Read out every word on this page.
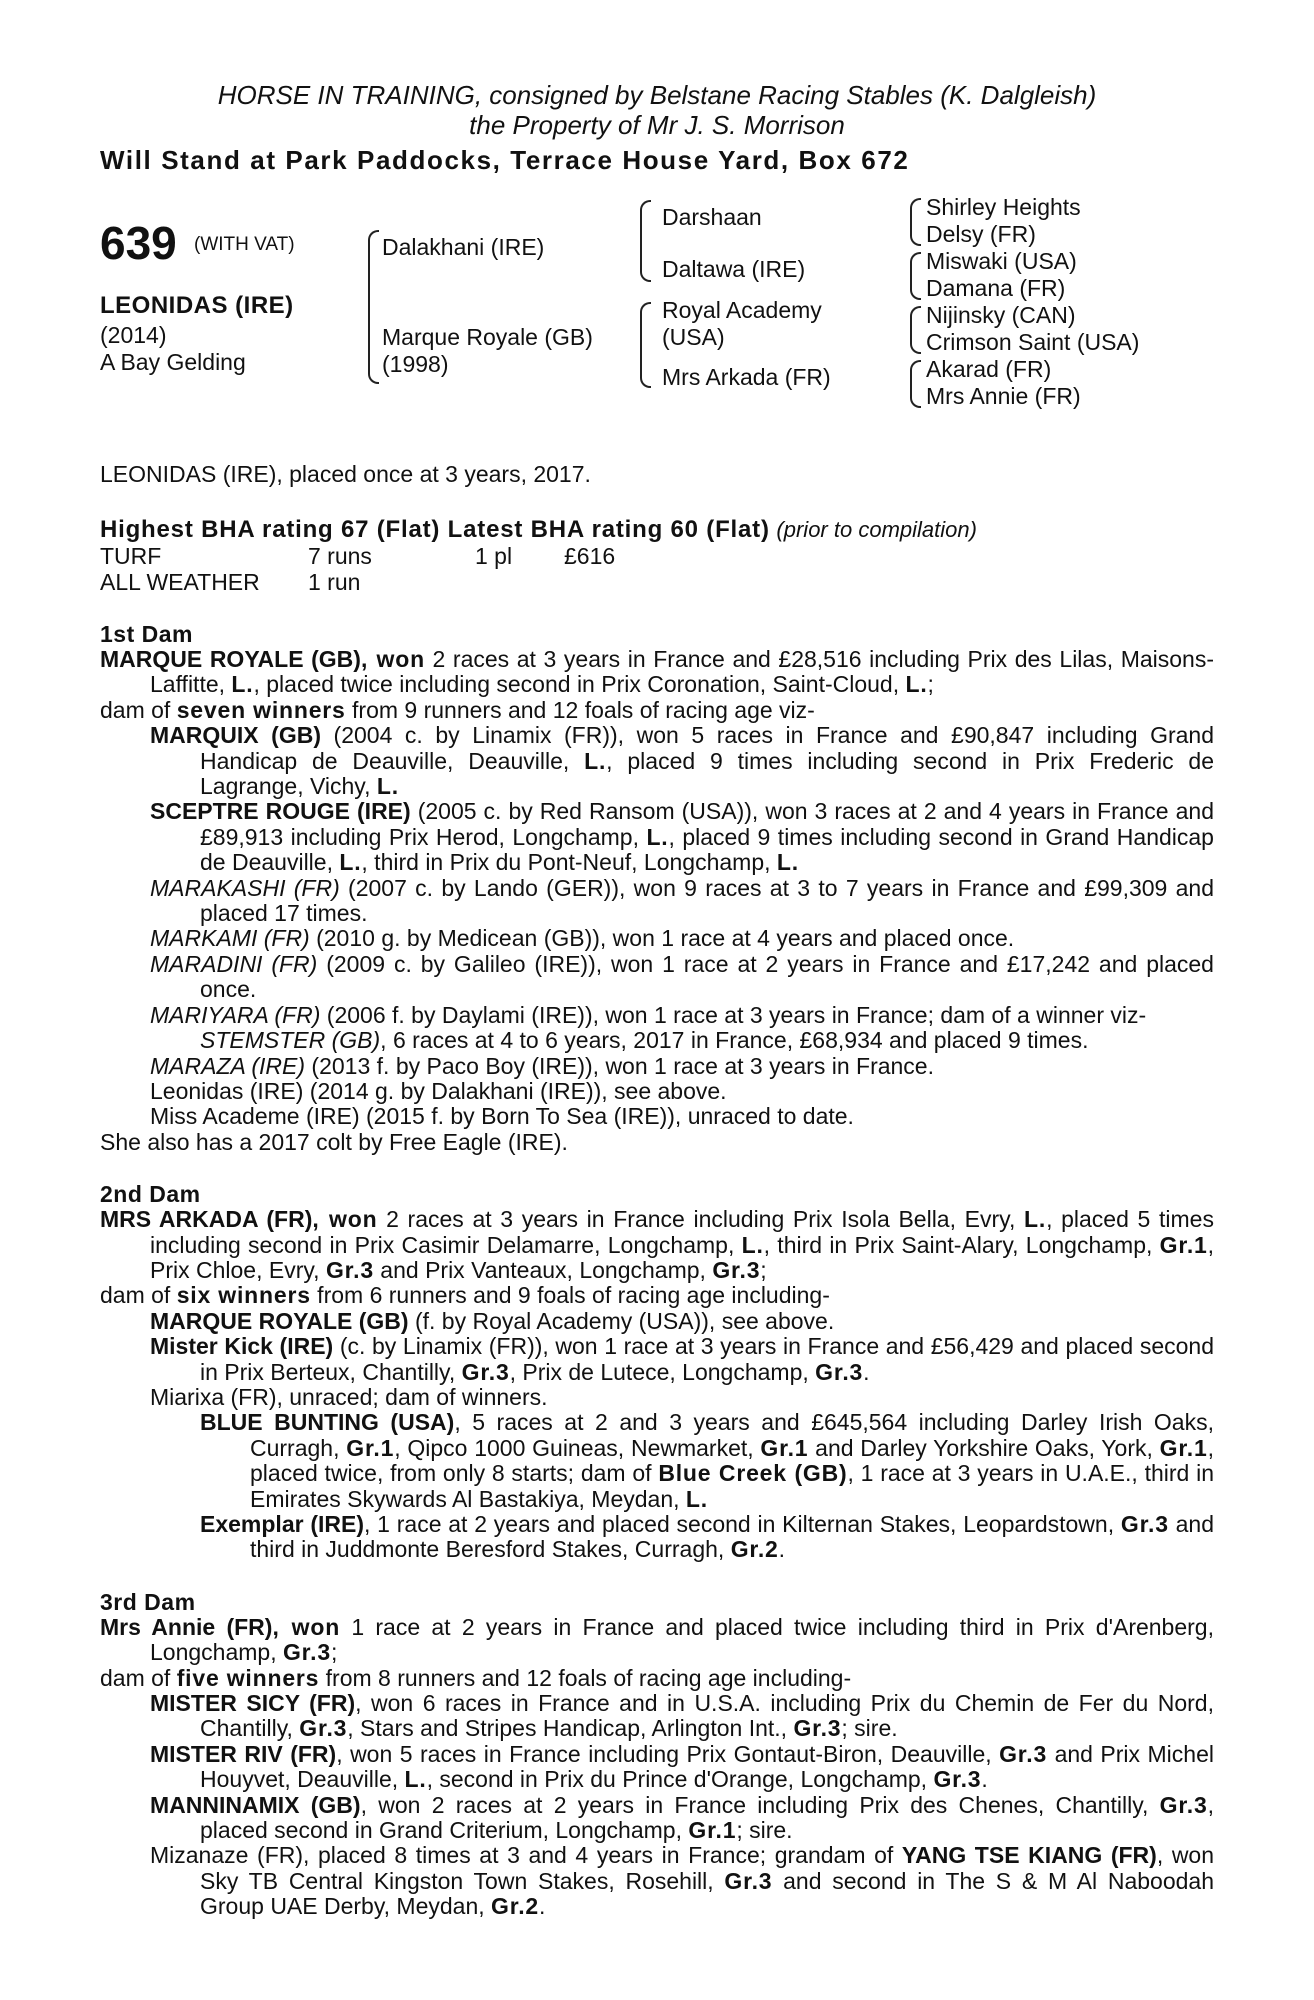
HORSE IN TRAINING, consigned by Belstane Racing Stables (K. Dalgleish)

the Property of Mr J. S. Morrison

Will Stand at Park Paddocks, Terrace House Yard, Box 672

639 (WITH VAT)
LEONIDAS (IRE)
(2014)
A Bay Gelding
Dalakhani (IRE)
Marque Royale (GB)
(1998)
Darshaan
Daltawa (IRE)
Royal Academy
(USA)
Mrs Arkada (FR)
Shirley Heights
Delsy (FR)
Miswaki (USA)
Damana (FR)
Nijinsky (CAN)
Crimson Saint (USA)
Akarad (FR)
Mrs Annie (FR)

LEONIDAS (IRE), placed once at 3 years, 2017.

Highest BHA rating 67 (Flat) Latest BHA rating 60 (Flat) (prior to compilation)
TURF	7 runs	1 pl £616
ALL WEATHER 1 run
1st Dam

MARQUE ROYALE (GB), won 2 races at 3 years in France and £28,516 including Prix des Lilas, Maisons-Laffitte, L., placed twice including second in Prix Coronation, Saint-Cloud, L.;

dam of seven winners from 9 runners and 12 foals of racing age viz-

MARQUIX (GB) (2004 c. by Linamix (FR)), won 5 races in France and £90,847 including Grand Handicap de Deauville, Deauville, L., placed 9 times including second in Prix Frederic de Lagrange, Vichy, L.

SCEPTRE ROUGE (IRE) (2005 c. by Red Ransom (USA)), won 3 races at 2 and 4 years in France and £89,913 including Prix Herod, Longchamp, L., placed 9 times including second in Grand Handicap de Deauville, L., third in Prix du Pont-Neuf, Longchamp, L.

MARAKASHI (FR) (2007 c. by Lando (GER)), won 9 races at 3 to 7 years in France and £99,309 and placed 17 times.

MARKAMI (FR) (2010 g. by Medicean (GB)), won 1 race at 4 years and placed once.

MARADINI (FR) (2009 c. by Galileo (IRE)), won 1 race at 2 years in France and £17,242 and placed once.

MARIYARA (FR) (2006 f. by Daylami (IRE)), won 1 race at 3 years in France; dam of a winner viz-

STEMSTER (GB), 6 races at 4 to 6 years, 2017 in France, £68,934 and placed 9 times.

MARAZA (IRE) (2013 f. by Paco Boy (IRE)), won 1 race at 3 years in France.

Leonidas (IRE) (2014 g. by Dalakhani (IRE)), see above.

Miss Academe (IRE) (2015 f. by Born To Sea (IRE)), unraced to date.

She also has a 2017 colt by Free Eagle (IRE).

2nd Dam

MRS ARKADA (FR), won 2 races at 3 years in France including Prix Isola Bella, Evry, L., placed 5 times including second in Prix Casimir Delamarre, Longchamp, L., third in Prix Saint-Alary, Longchamp, Gr.1, Prix Chloe, Evry, Gr.3 and Prix Vanteaux, Longchamp, Gr.3;

dam of six winners from 6 runners and 9 foals of racing age including-

MARQUE ROYALE (GB) (f. by Royal Academy (USA)), see above.

Mister Kick (IRE) (c. by Linamix (FR)), won 1 race at 3 years in France and £56,429 and placed second in Prix Berteux, Chantilly, Gr.3, Prix de Lutece, Longchamp, Gr.3.

Miarixa (FR), unraced; dam of winners.

BLUE BUNTING (USA), 5 races at 2 and 3 years and £645,564 including Darley Irish Oaks, Curragh, Gr.1, Qipco 1000 Guineas, Newmarket, Gr.1 and Darley Yorkshire Oaks, York, Gr.1, placed twice, from only 8 starts; dam of Blue Creek (GB), 1 race at 3 years in U.A.E., third in Emirates Skywards Al Bastakiya, Meydan, L.

Exemplar (IRE), 1 race at 2 years and placed second in Kilternan Stakes, Leopardstown, Gr.3 and third in Juddmonte Beresford Stakes, Curragh, Gr.2.

3rd Dam

Mrs Annie (FR), won 1 race at 2 years in France and placed twice including third in Prix d'Arenberg, Longchamp, Gr.3;

dam of five winners from 8 runners and 12 foals of racing age including-

MISTER SICY (FR), won 6 races in France and in U.S.A. including Prix du Chemin de Fer du Nord, Chantilly, Gr.3, Stars and Stripes Handicap, Arlington Int., Gr.3; sire.

MISTER RIV (FR), won 5 races in France including Prix Gontaut-Biron, Deauville, Gr.3 and Prix Michel Houyvet, Deauville, L., second in Prix du Prince d'Orange, Longchamp, Gr.3.

MANNINAMIX (GB), won 2 races at 2 years in France including Prix des Chenes, Chantilly, Gr.3, placed second in Grand Criterium, Longchamp, Gr.1; sire.

Mizanaze (FR), placed 8 times at 3 and 4 years in France; grandam of YANG TSE KIANG (FR), won Sky TB Central Kingston Town Stakes, Rosehill, Gr.3 and second in The S & M Al Naboodah Group UAE Derby, Meydan, Gr.2.
